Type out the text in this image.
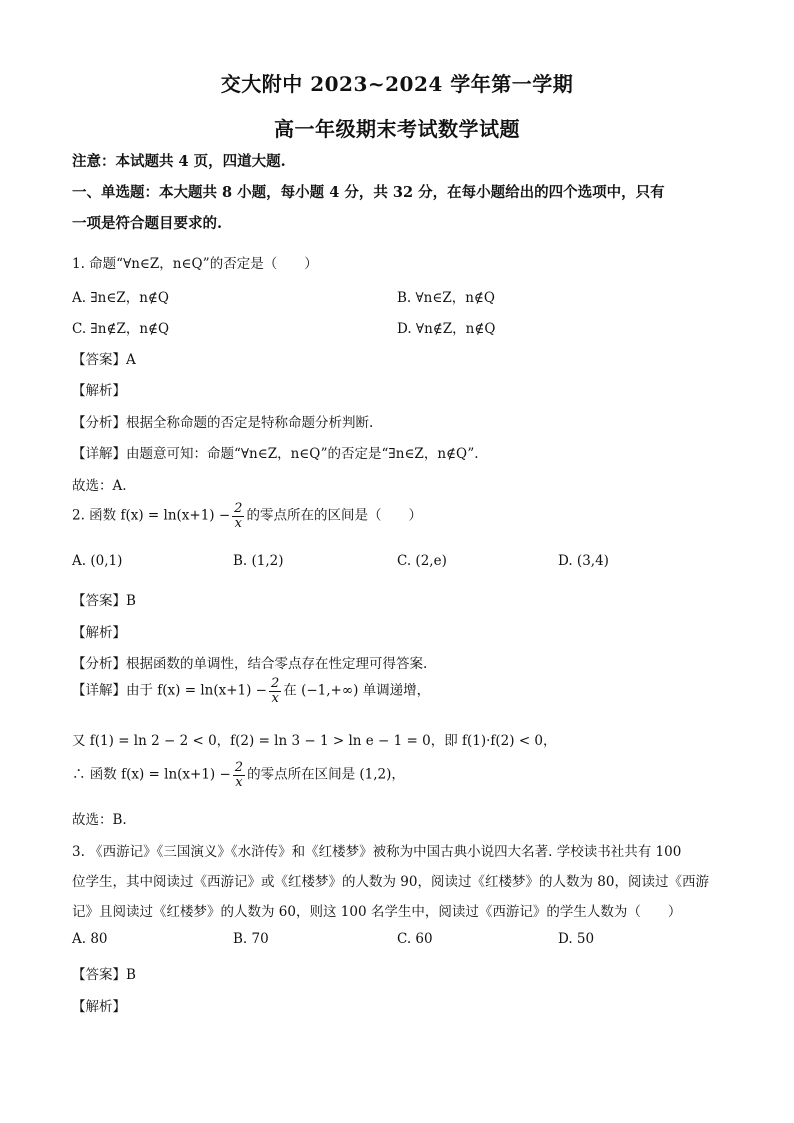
交大附中 2023~2024 学年第一学期
高一年级期末考试数学试题
注意：本试题共 4 页，四道大题.
一、单选题：本大题共 8 小题，每小题 4 分，共 32 分，在每小题给出的四个选项中，只有
一项是符合题目要求的.
1. 命题“∀n∈Z，n∈Q”的否定是（　　）
A. ∃n∈Z，n∉Q	B. ∀n∈Z，n∉Q
C. ∃n∉Z，n∉Q	D. ∀n∉Z，n∉Q
【答案】A
【解析】
【分析】根据全称命题的否定是特称命题分析判断.
【详解】由题意可知：命题“∀n∈Z，n∈Q”的否定是“∃n∈Z，n∉Q”.
故选：A.
2. 函数 $f(x) = \ln(x+1) - \frac{2}{x}$ 的零点所在的区间是（　　）
A. (0,1)	B. (1,2)	C. (2,e)	D. (3,4)
【答案】B
【解析】
【分析】根据函数的单调性，结合零点存在性定理可得答案.
【详解】由于 $f(x) = \ln(x+1) - \frac{2}{x}$ 在 (−1,+∞) 单调递增，
又 f(1) = ln 2 − 2 < 0，f(2) = ln 3 − 1 > ln e − 1 = 0，即 f(1)·f(2) < 0，
∴ 函数 $f(x) = \ln(x+1) - \frac{2}{x}$ 的零点所在区间是 (1,2)，
故选：B.
3. 《西游记》《三国演义》《水浒传》和《红楼梦》被称为中国古典小说四大名著. 学校读书社共有 100
位学生，其中阅读过《西游记》或《红楼梦》的人数为 90，阅读过《红楼梦》的人数为 80，阅读过《西游
记》且阅读过《红楼梦》的人数为 60，则这 100 名学生中，阅读过《西游记》的学生人数为（　　）
A. 80	B. 70	C. 60	D. 50
【答案】B
【解析】
